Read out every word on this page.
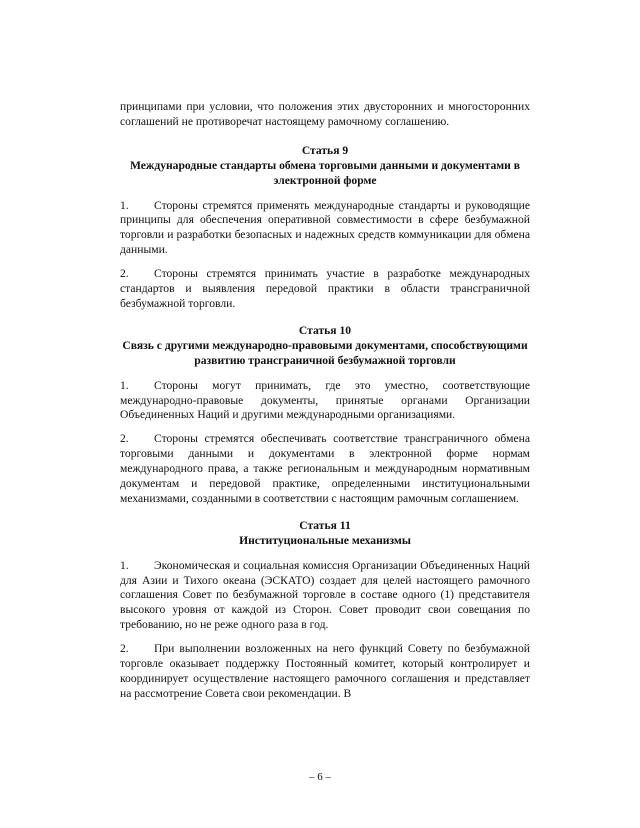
принципами при условии, что положения этих двусторонних и многосторонних соглашений не противоречат настоящему рамочному соглашению.

Статья 9
Международные стандарты обмена торговыми данными и документами в электронной форме

1. Стороны стремятся применять международные стандарты и руководящие принципы для обеспечения оперативной совместимости в сфере безбумажной торговли и разработки безопасных и надежных средств коммуникации для обмена данными.

2. Стороны стремятся принимать участие в разработке международных стандартов и выявления передовой практики в области трансграничной безбумажной торговли.

Статья 10
Связь с другими международно-правовыми документами, способствующими развитию трансграничной безбумажной торговли

1. Стороны могут принимать, где это уместно, соответствующие международно-правовые документы, принятые органами Организации Объединенных Наций и другими международными организациями.

2. Стороны стремятся обеспечивать соответствие трансграничного обмена торговыми данными и документами в электронной форме нормам международного права, а также региональным и международным нормативным документам и передовой практике, определенными институциональными механизмами, созданными в соответствии с настоящим рамочным соглашением.

Статья 11
Институциональные механизмы

1. Экономическая и социальная комиссия Организации Объединенных Наций для Азии и Тихого океана (ЭСКАТО) создает для целей настоящего рамочного соглашения Совет по безбумажной торговле в составе одного (1) представителя высокого уровня от каждой из Сторон. Совет проводит свои совещания по требованию, но не реже одного раза в год.

2. При выполнении возложенных на него функций Совету по безбумажной торговле оказывает поддержку Постоянный комитет, который контролирует и координирует осуществление настоящего рамочного соглашения и представляет на рассмотрение Совета свои рекомендации. В

– 6 –
